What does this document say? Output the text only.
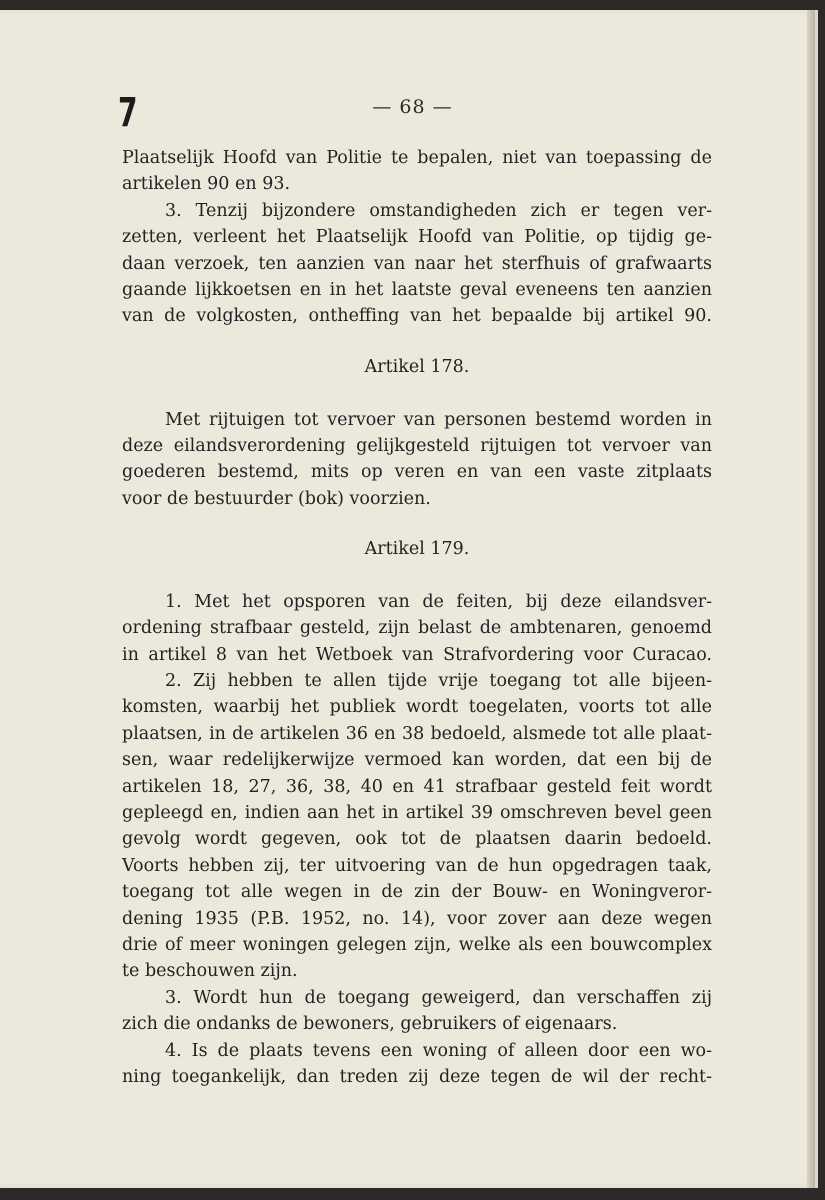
7	— 68 —
Plaatselijk Hoofd van Politie te bepalen, niet van toepassing de
artikelen 90 en 93.
3. Tenzij bijzondere omstandigheden zich er tegen ver-
zetten, verleent het Plaatselijk Hoofd van Politie, op tijdig ge-
daan verzoek, ten aanzien van naar het sterfhuis of grafwaarts
gaande lijkkoetsen en in het laatste geval eveneens ten aanzien
van de volgkosten, ontheffing van het bepaalde bij artikel 90.
Artikel 178.
Met rijtuigen tot vervoer van personen bestemd worden in
deze eilandsverordening gelijkgesteld rijtuigen tot vervoer van
goederen bestemd, mits op veren en van een vaste zitplaats
voor de bestuurder (bok) voorzien.
Artikel 179.
1. Met het opsporen van de feiten, bij deze eilandsver-
ordening strafbaar gesteld, zijn belast de ambtenaren, genoemd
in artikel 8 van het Wetboek van Strafvordering voor Curacao.
2. Zij hebben te allen tijde vrije toegang tot alle bijeen-
komsten, waarbij het publiek wordt toegelaten, voorts tot alle
plaatsen, in de artikelen 36 en 38 bedoeld, alsmede tot alle plaat-
sen, waar redelijkerwijze vermoed kan worden, dat een bij de
artikelen 18, 27, 36, 38, 40 en 41 strafbaar gesteld feit wordt
gepleegd en, indien aan het in artikel 39 omschreven bevel geen
gevolg wordt gegeven, ook tot de plaatsen daarin bedoeld.
Voorts hebben zij, ter uitvoering van de hun opgedragen taak,
toegang tot alle wegen in de zin der Bouw- en Woningveror-
dening 1935 (P.B. 1952, no. 14), voor zover aan deze wegen
drie of meer woningen gelegen zijn, welke als een bouwcomplex
te beschouwen zijn.
3. Wordt hun de toegang geweigerd, dan verschaffen zij
zich die ondanks de bewoners, gebruikers of eigenaars.
4. Is de plaats tevens een woning of alleen door een wo-
ning toegankelijk, dan treden zij deze tegen de wil der recht-
